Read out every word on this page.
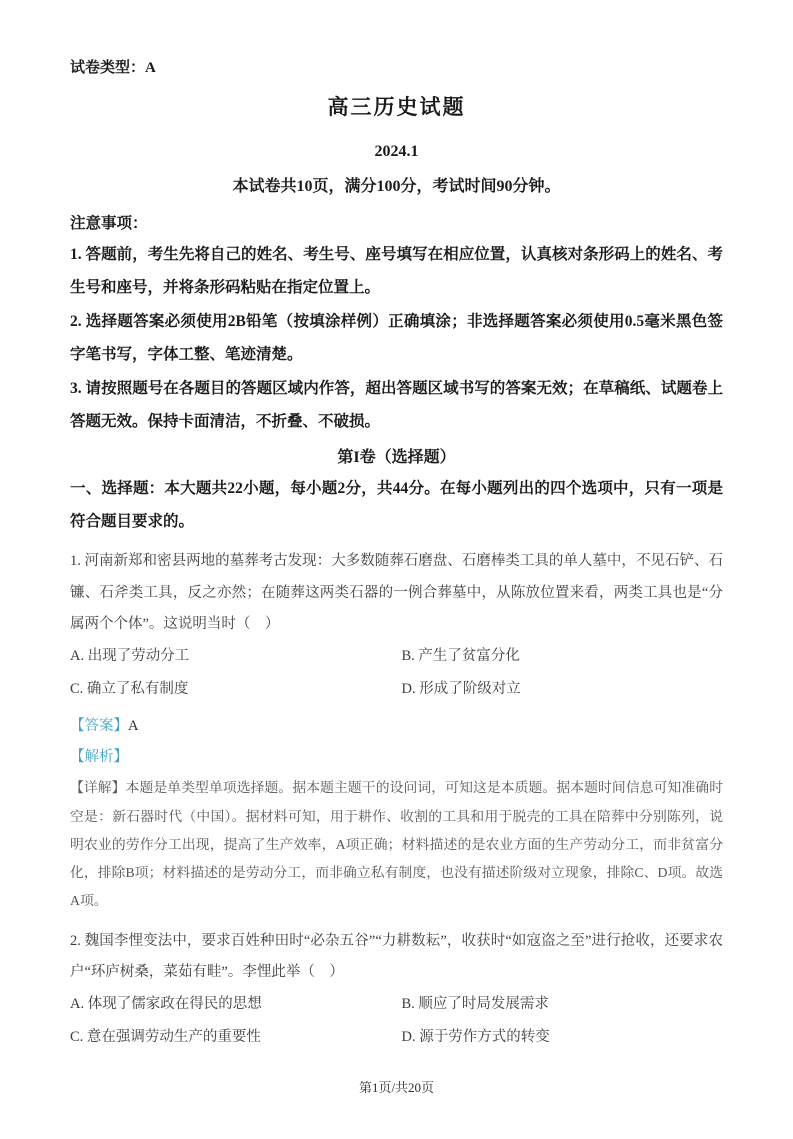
试卷类型：A
高三历史试题
2024.1
本试卷共10页，满分100分，考试时间90分钟。
注意事项：
1. 答题前，考生先将自己的姓名、考生号、座号填写在相应位置，认真核对条形码上的姓名、考生号和座号，并将条形码粘贴在指定位置上。
2. 选择题答案必须使用2B铅笔（按填涂样例）正确填涂；非选择题答案必须使用0.5毫米黑色签字笔书写，字体工整、笔迹清楚。
3. 请按照题号在各题目的答题区域内作答，超出答题区域书写的答案无效；在草稿纸、试题卷上答题无效。保持卡面清洁，不折叠、不破损。
第I卷（选择题）
一、选择题：本大题共22小题，每小题2分，共44分。在每小题列出的四个选项中，只有一项是符合题目要求的。
1. 河南新郑和密县两地的墓葬考古发现：大多数随葬石磨盘、石磨棒类工具的单人墓中，不见石铲、石镰、石斧类工具，反之亦然；在随葬这两类石器的一例合葬墓中，从陈放位置来看，两类工具也是“分属两个个体”。这说明当时（　）
A. 出现了劳动分工	B. 产生了贫富分化
C. 确立了私有制度	D. 形成了阶级对立
【答案】A
【解析】
【详解】本题是单类型单项选择题。据本题主题干的设问词，可知这是本质题。据本题时间信息可知准确时空是：新石器时代（中国）。据材料可知，用于耕作、收割的工具和用于脱壳的工具在陪葬中分别陈列，说明农业的劳作分工出现，提高了生产效率，A项正确；材料描述的是农业方面的生产劳动分工，而非贫富分化，排除B项；材料描述的是劳动分工，而非确立私有制度，也没有描述阶级对立现象，排除C、D项。故选A项。
2. 魏国李悝变法中，要求百姓种田时“必杂五谷”“力耕数耘”，收获时“如寇盗之至”进行抢收，还要求农户“环庐树桑，菜茹有畦”。李悝此举（　）
A. 体现了儒家政在得民的思想	B. 顺应了时局发展需求
C. 意在强调劳动生产的重要性	D. 源于劳作方式的转变
第1页/共20页
